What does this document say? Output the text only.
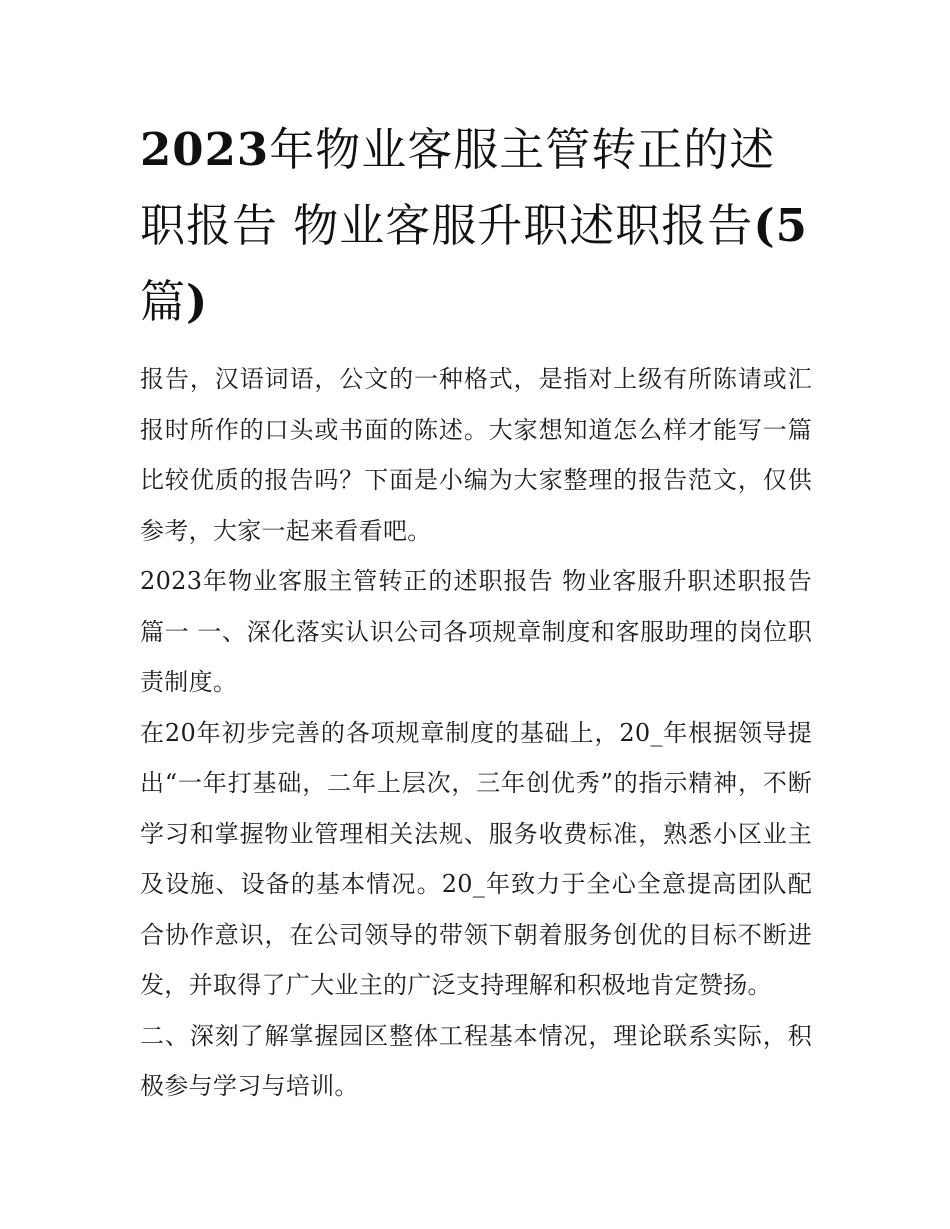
2023年物业客服主管转正的述职报告 物业客服升职述职报告(5篇)

报告，汉语词语，公文的一种格式，是指对上级有所陈请或汇报时所作的口头或书面的陈述。大家想知道怎么样才能写一篇比较优质的报告吗？下面是小编为大家整理的报告范文，仅供参考，大家一起来看看吧。

2023年物业客服主管转正的述职报告 物业客服升职述职报告篇一 一、深化落实认识公司各项规章制度和客服助理的岗位职责制度。

在20年初步完善的各项规章制度的基础上，20_年根据领导提出“一年打基础，二年上层次，三年创优秀”的指示精神，不断学习和掌握物业管理相关法规、服务收费标准，熟悉小区业主及设施、设备的基本情况。20_年致力于全心全意提高团队配合协作意识，在公司领导的带领下朝着服务创优的目标不断进发，并取得了广大业主的广泛支持理解和积极地肯定赞扬。

二、深刻了解掌握园区整体工程基本情况，理论联系实际，积极参与学习与培训。
